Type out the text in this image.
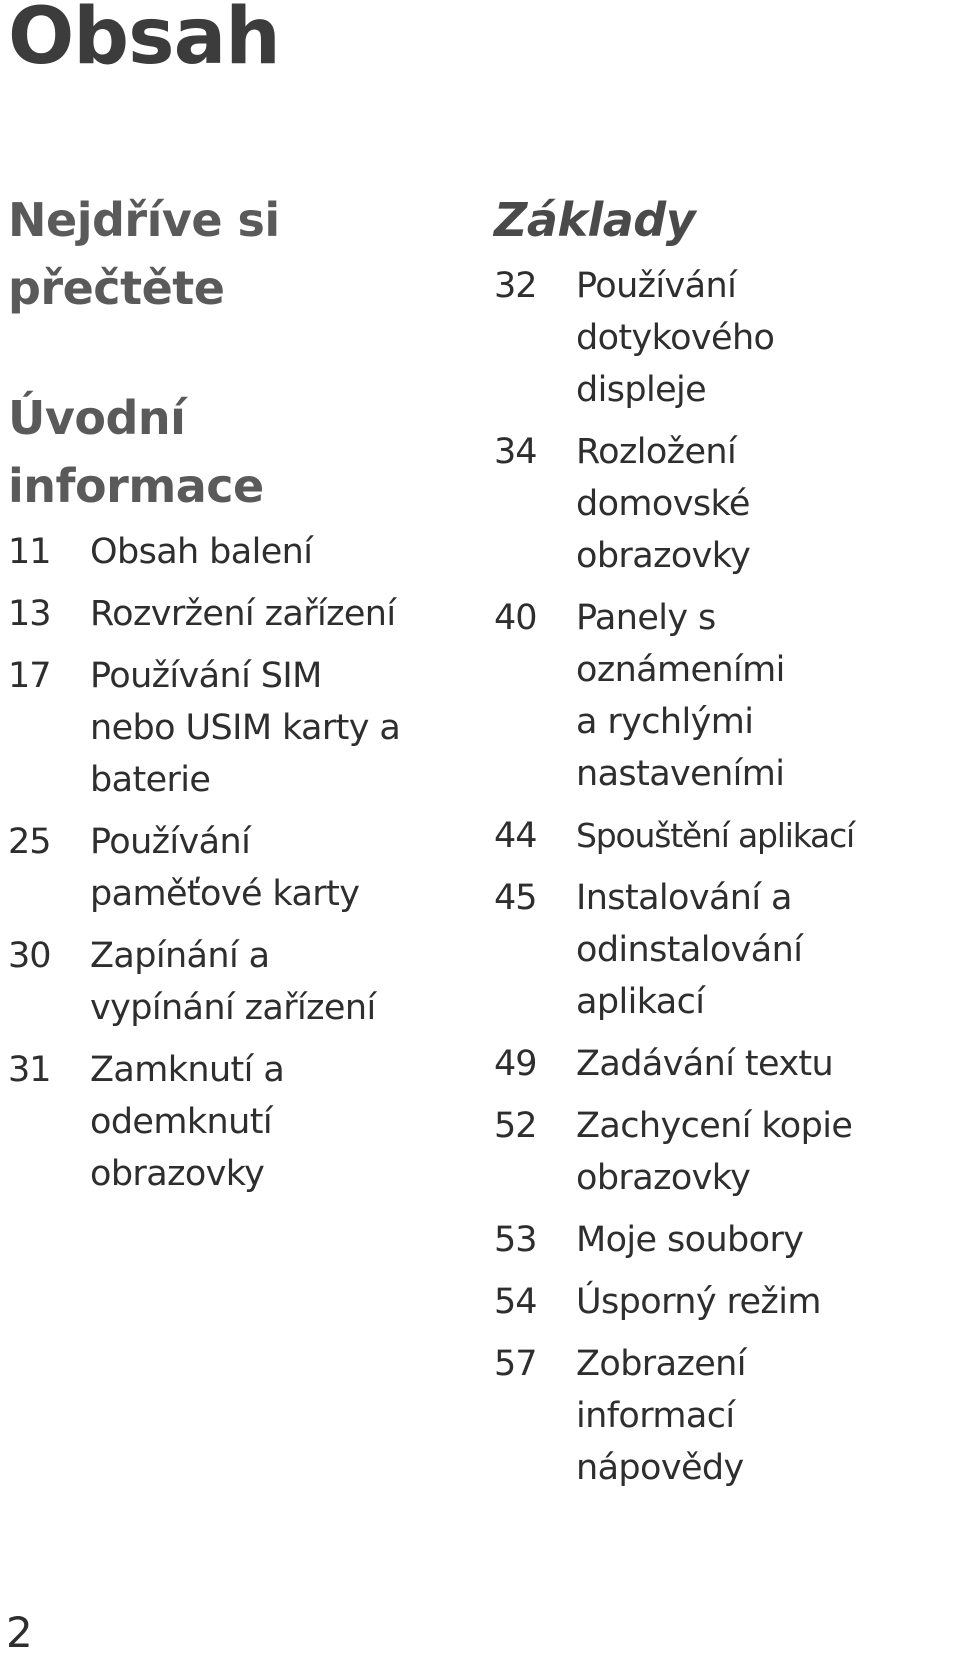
Obsah
Nejdříve si
přečtěte
Úvodní
informace
11	Obsah balení
13	Rozvržení zařízení
17	Používání SIM
nebo USIM karty a
baterie
25	Používání
paměťové karty
30	Zapínání a
vypínání zařízení
31	Zamknutí a
odemknutí
obrazovky
Základy
32	Používání
dotykového
displeje
34	Rozložení
domovské
obrazovky
40	Panely s
oznámeními
a rychlými
nastaveními
44	Spouštění aplikací
45	Instalování a
odinstalování
aplikací
49	Zadávání textu
52	Zachycení kopie
obrazovky
53	Moje soubory
54	Úsporný režim
57	Zobrazení
informací
nápovědy

2
